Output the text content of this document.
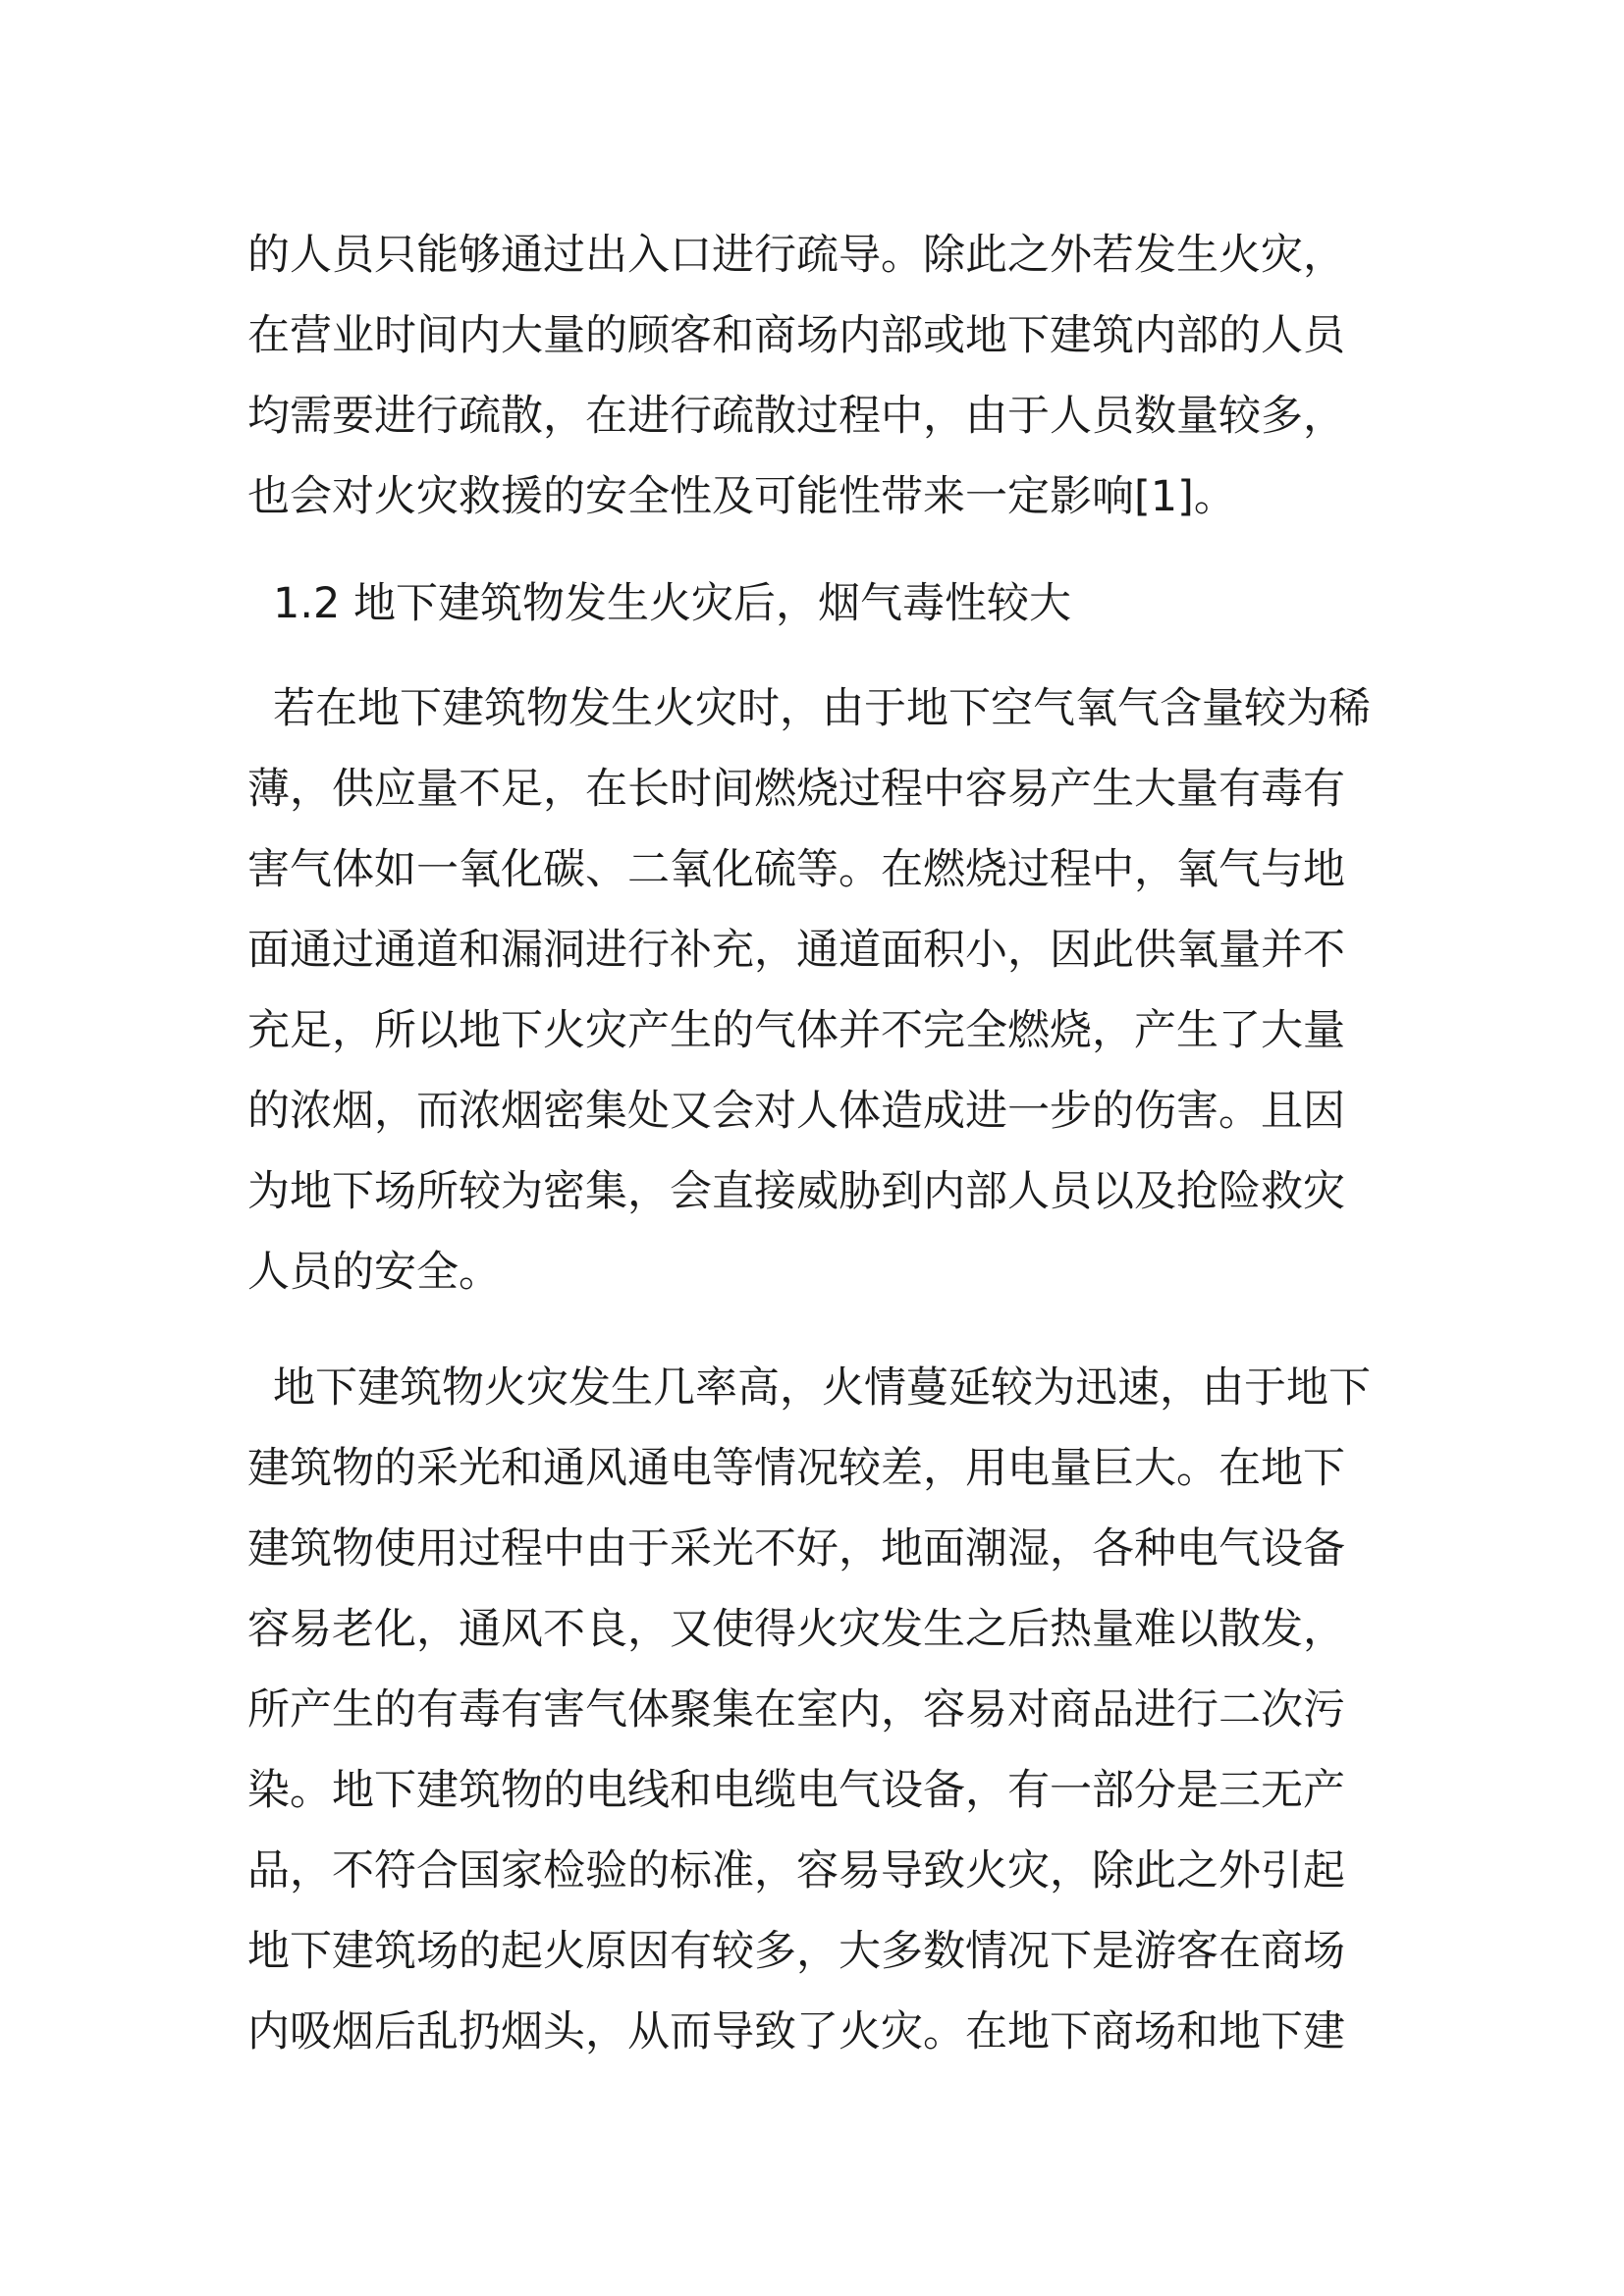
的人员只能够通过出入口进行疏导。除此之外若发生火灾，
在营业时间内大量的顾客和商场内部或地下建筑内部的人员
均需要进行疏散，在进行疏散过程中，由于人员数量较多，
也会对火灾救援的安全性及可能性带来一定影响[1]。
1.2 地下建筑物发生火灾后，烟气毒性较大
若在地下建筑物发生火灾时，由于地下空气氧气含量较为稀
薄，供应量不足，在长时间燃烧过程中容易产生大量有毒有
害气体如一氧化碳、二氧化硫等。在燃烧过程中，氧气与地
面通过通道和漏洞进行补充，通道面积小，因此供氧量并不
充足，所以地下火灾产生的气体并不完全燃烧，产生了大量
的浓烟，而浓烟密集处又会对人体造成进一步的伤害。且因
为地下场所较为密集，会直接威胁到内部人员以及抢险救灾
人员的安全。
地下建筑物火灾发生几率高，火情蔓延较为迅速，由于地下
建筑物的采光和通风通电等情况较差，用电量巨大。在地下
建筑物使用过程中由于采光不好，地面潮湿，各种电气设备
容易老化，通风不良，又使得火灾发生之后热量难以散发，
所产生的有毒有害气体聚集在室内，容易对商品进行二次污
染。地下建筑物的电线和电缆电气设备，有一部分是三无产
品，不符合国家检验的标准，容易导致火灾，除此之外引起
地下建筑场的起火原因有较多，大多数情况下是游客在商场
内吸烟后乱扔烟头，从而导致了火灾。在地下商场和地下建
